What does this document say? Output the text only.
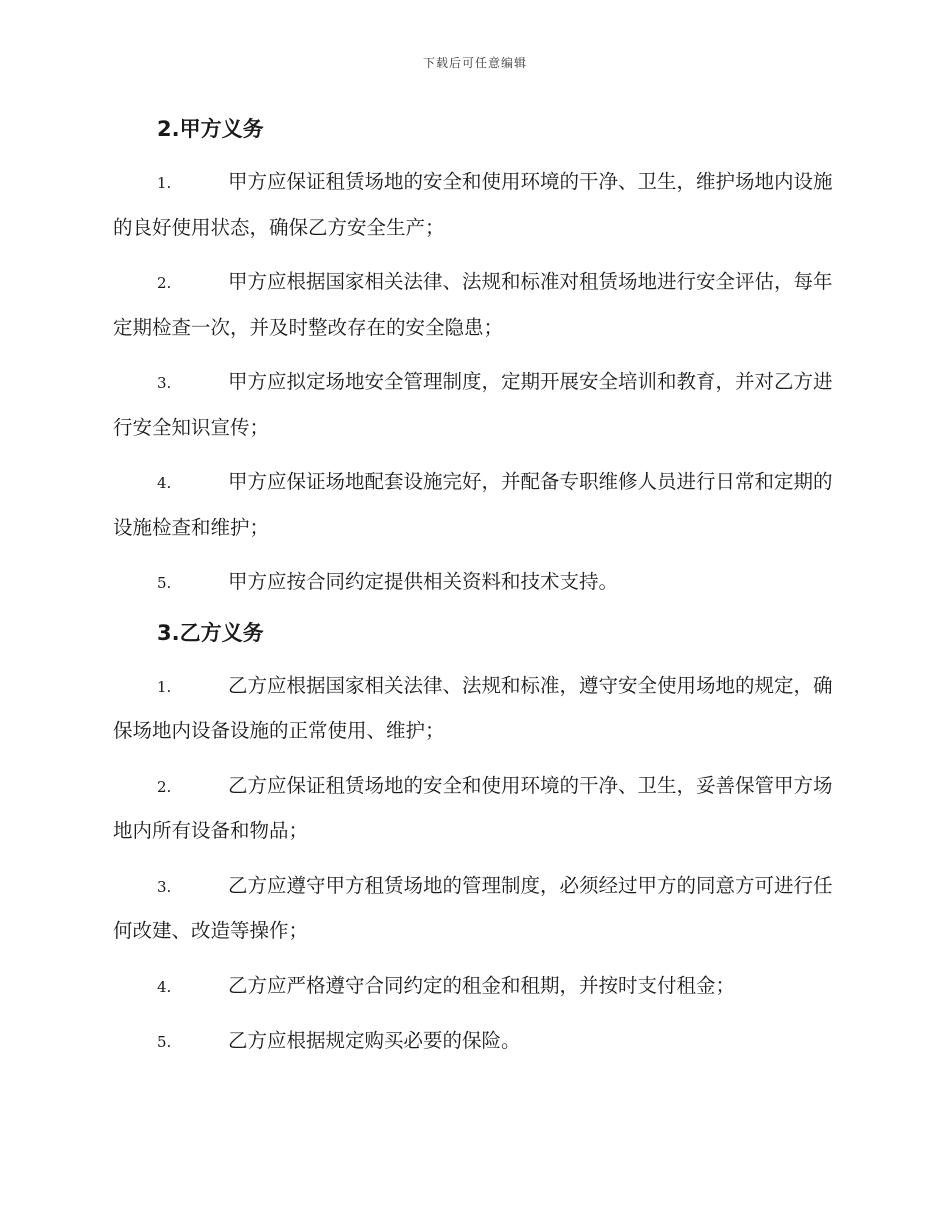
下载后可任意编辑
2.甲方义务
1.	甲方应保证租赁场地的安全和使用环境的干净、卫生，维护场地内设施的良好使用状态，确保乙方安全生产；
2.	甲方应根据国家相关法律、法规和标准对租赁场地进行安全评估，每年定期检查一次，并及时整改存在的安全隐患；
3.	甲方应拟定场地安全管理制度，定期开展安全培训和教育，并对乙方进行安全知识宣传；
4.	甲方应保证场地配套设施完好，并配备专职维修人员进行日常和定期的设施检查和维护；
5.	甲方应按合同约定提供相关资料和技术支持。
3.乙方义务
1.	乙方应根据国家相关法律、法规和标准，遵守安全使用场地的规定，确保场地内设备设施的正常使用、维护；
2.	乙方应保证租赁场地的安全和使用环境的干净、卫生，妥善保管甲方场地内所有设备和物品；
3.	乙方应遵守甲方租赁场地的管理制度，必须经过甲方的同意方可进行任何改建、改造等操作；
4.	乙方应严格遵守合同约定的租金和租期，并按时支付租金；
5.	乙方应根据规定购买必要的保险。
